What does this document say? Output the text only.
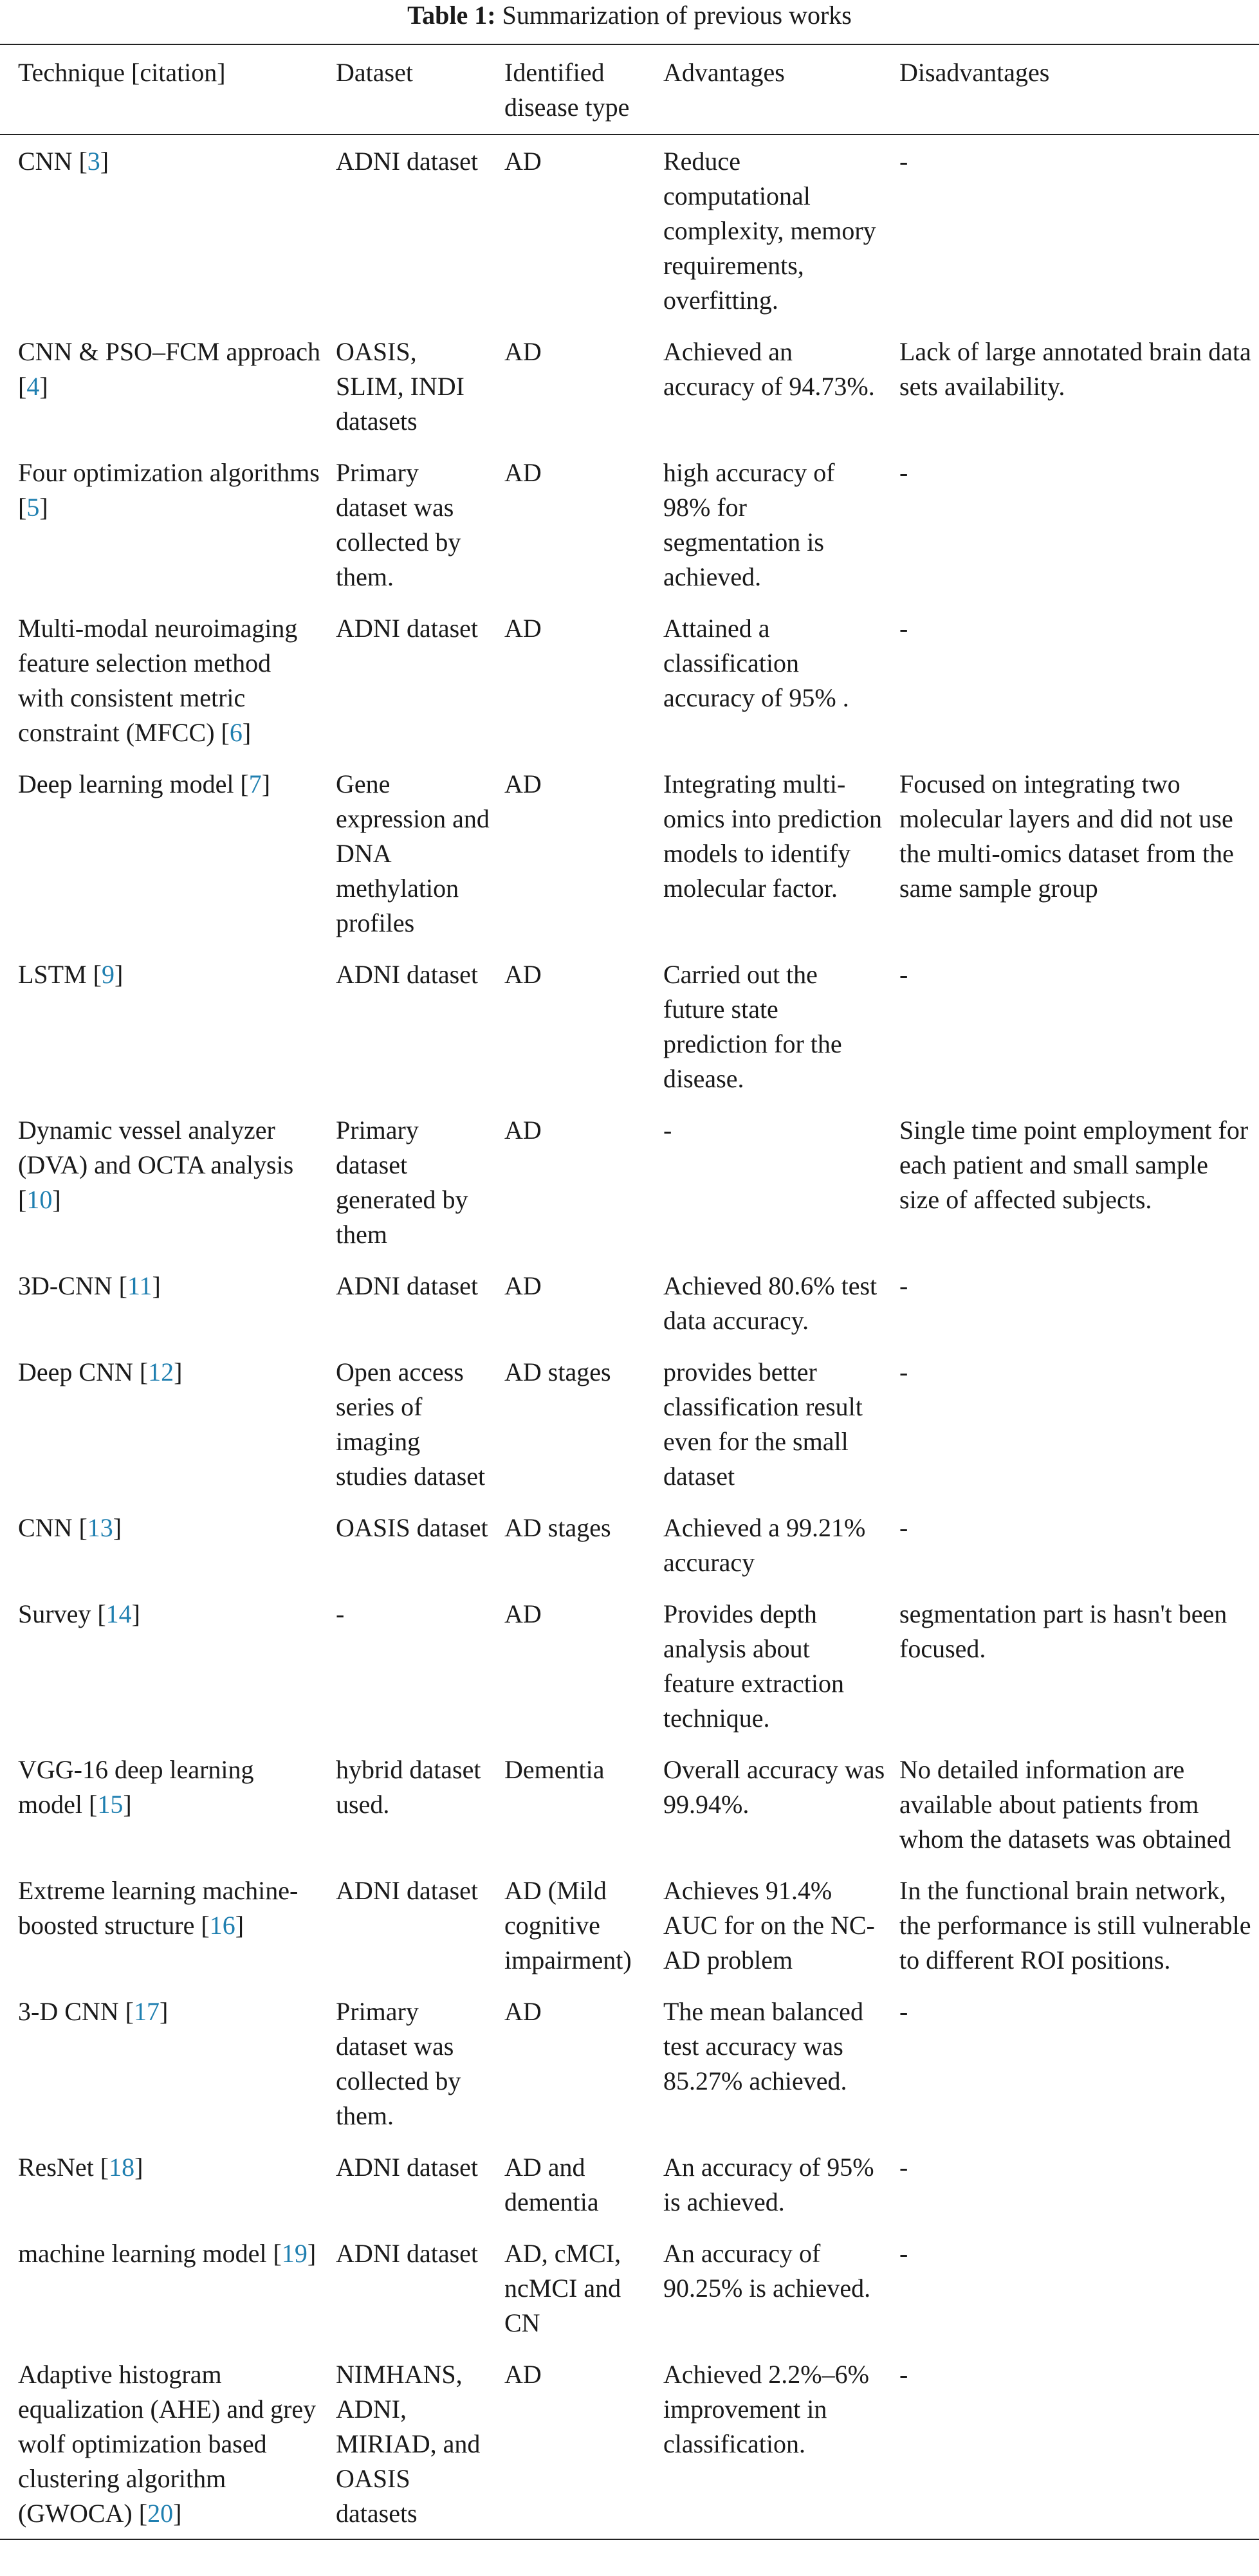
Table 1: Summarization of previous works
Technique [citation]	Dataset	Identified disease type	Advantages	Disadvantages
CNN [3]	ADNI dataset	AD	Reduce computational complexity, memory requirements, overfitting.	-
CNN & PSO–FCM approach [4]	OASIS, SLIM, INDI datasets	AD	Achieved an accuracy of 94.73%.	Lack of large annotated brain data sets availability.
Four optimization algorithms [5]	Primary dataset was collected by them.	AD	high accuracy of 98% for segmentation is achieved.	-
Multi-modal neuroimaging feature selection method with consistent metric constraint (MFCC) [6]	ADNI dataset	AD	Attained a classification accuracy of 95% .	-
Deep learning model [7]	Gene expression and DNA methylation profiles	AD	Integrating multi-omics into prediction models to identify molecular factor.	Focused on integrating two molecular layers and did not use the multi-omics dataset from the same sample group
LSTM [9]	ADNI dataset	AD	Carried out the future state prediction for the disease.	-
Dynamic vessel analyzer (DVA) and OCTA analysis [10]	Primary dataset generated by them	AD	-	Single time point employment for each patient and small sample size of affected subjects.
3D-CNN [11]	ADNI dataset	AD	Achieved 80.6% test data accuracy.	-
Deep CNN [12]	Open access series of imaging studies dataset	AD stages	provides better classification result even for the small dataset	-
CNN [13]	OASIS dataset	AD stages	Achieved a 99.21% accuracy	-
Survey [14]	-	AD	Provides depth analysis about feature extraction technique.	segmentation part is hasn't been focused.
VGG-16 deep learning model [15]	hybrid dataset used.	Dementia	Overall accuracy was 99.94%.	No detailed information are available about patients from whom the datasets was obtained
Extreme learning machine-boosted structure [16]	ADNI dataset	AD (Mild cognitive impairment)	Achieves 91.4% AUC for on the NC-AD problem	In the functional brain network, the performance is still vulnerable to different ROI positions.
3-D CNN [17]	Primary dataset was collected by them.	AD	The mean balanced test accuracy was 85.27% achieved.	-
ResNet [18]	ADNI dataset	AD and dementia	An accuracy of 95% is achieved.	-
machine learning model [19]	ADNI dataset	AD, cMCI, ncMCI and CN	An accuracy of 90.25% is achieved.	-
Adaptive histogram equalization (AHE) and grey wolf optimization based clustering algorithm (GWOCA) [20]	NIMHANS, ADNI, MIRIAD, and OASIS datasets	AD	Achieved 2.2%–6% improvement in classification.	-
